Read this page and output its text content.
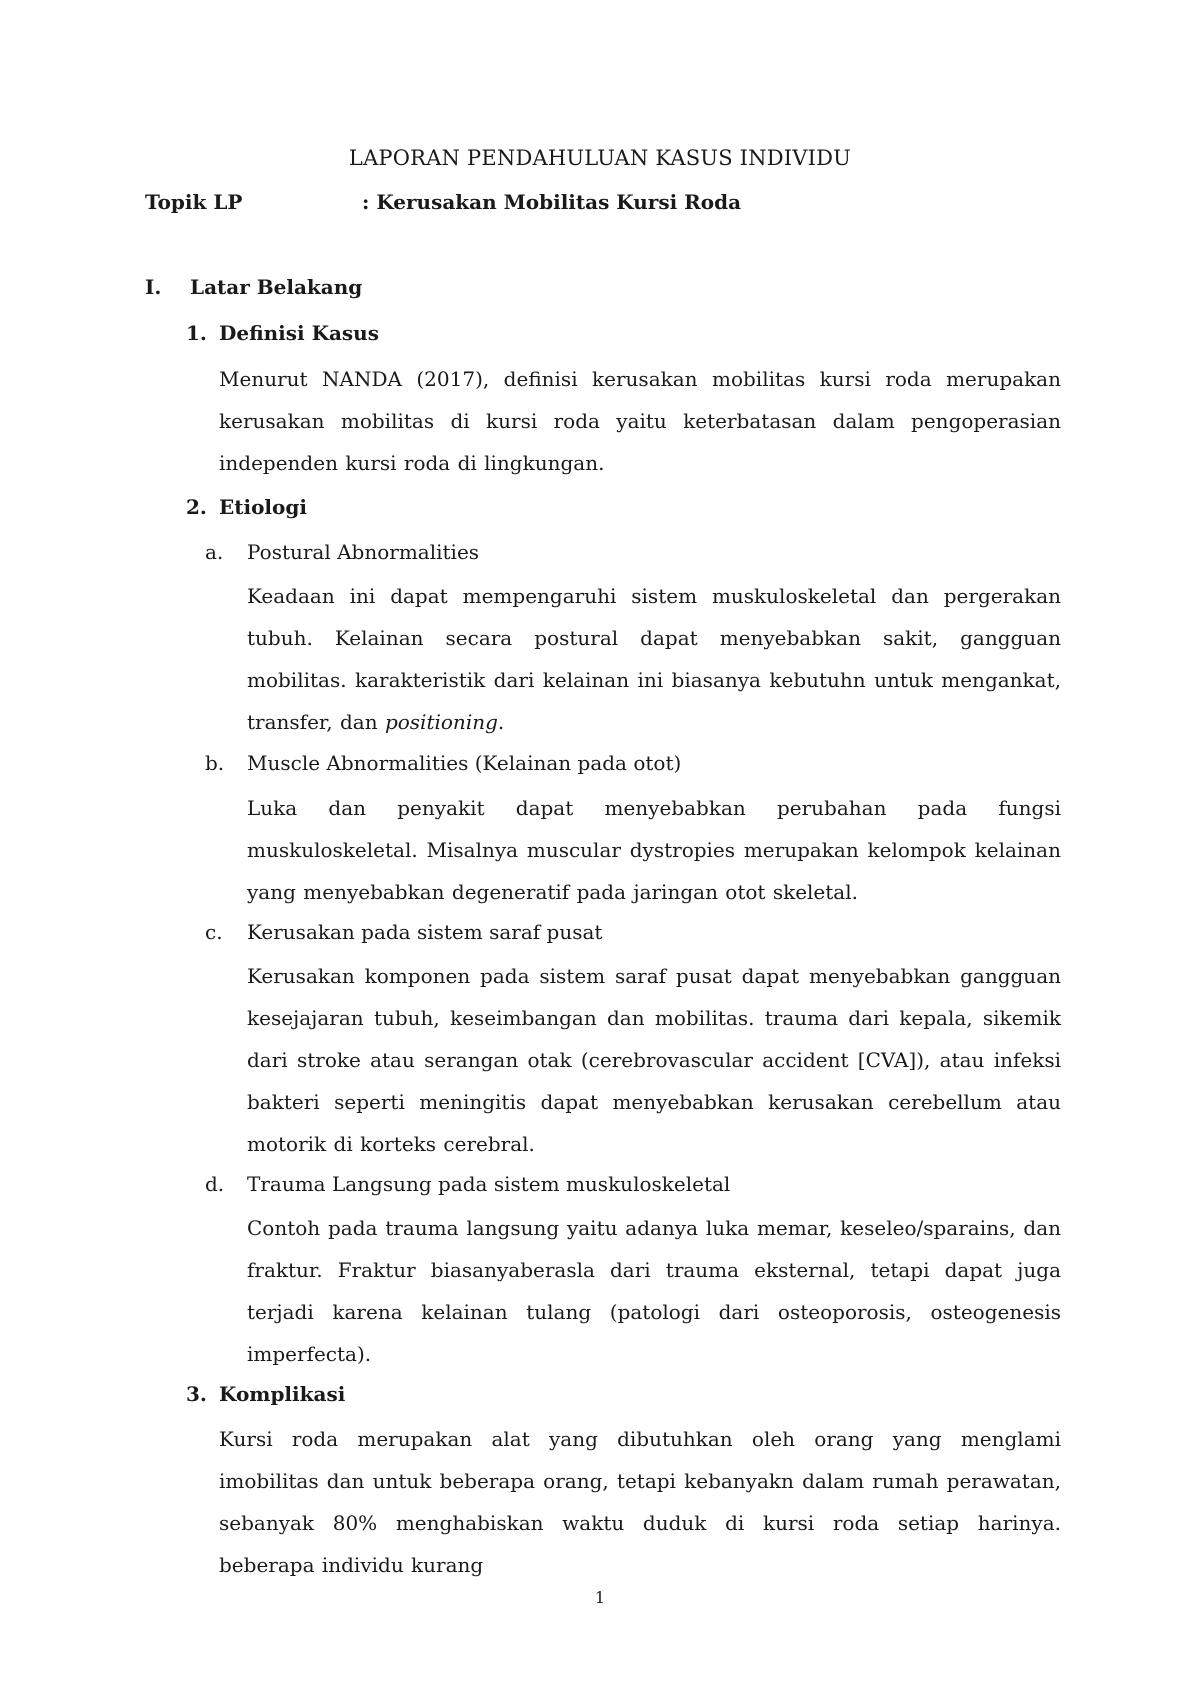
LAPORAN PENDAHULUAN KASUS INDIVIDU
Topik LP	: Kerusakan Mobilitas Kursi Roda
I. Latar Belakang
1. Definisi Kasus
Menurut NANDA (2017), definisi kerusakan mobilitas kursi roda merupakan kerusakan mobilitas di kursi roda yaitu keterbatasan dalam pengoperasian independen kursi roda di lingkungan.
2. Etiologi
a. Postural Abnormalities
Keadaan ini dapat mempengaruhi sistem muskuloskeletal dan pergerakan tubuh. Kelainan secara postural dapat menyebabkan sakit, gangguan mobilitas. karakteristik dari kelainan ini biasanya kebutuhn untuk mengankat, transfer, dan positioning.
b. Muscle Abnormalities (Kelainan pada otot)
Luka dan penyakit dapat menyebabkan perubahan pada fungsi muskuloskeletal. Misalnya muscular dystropies merupakan kelompok kelainan yang menyebabkan degeneratif pada jaringan otot skeletal.
c. Kerusakan pada sistem saraf pusat
Kerusakan komponen pada sistem saraf pusat dapat menyebabkan gangguan kesejajaran tubuh, keseimbangan dan mobilitas. trauma dari kepala, sikemik dari stroke atau serangan otak (cerebrovascular accident [CVA]), atau infeksi bakteri seperti meningitis dapat menyebabkan kerusakan cerebellum atau motorik di korteks cerebral.
d. Trauma Langsung pada sistem muskuloskeletal
Contoh pada trauma langsung yaitu adanya luka memar, keseleo/sparains, dan fraktur. Fraktur biasanyaberasla dari trauma eksternal, tetapi dapat juga terjadi karena kelainan tulang (patologi dari osteoporosis, osteogenesis imperfecta).
3. Komplikasi
Kursi roda merupakan alat yang dibutuhkan oleh orang yang menglami imobilitas dan untuk beberapa orang, tetapi kebanyakn dalam rumah perawatan, sebanyak 80% menghabiskan waktu duduk di kursi roda setiap harinya. beberapa individu kurang
1
